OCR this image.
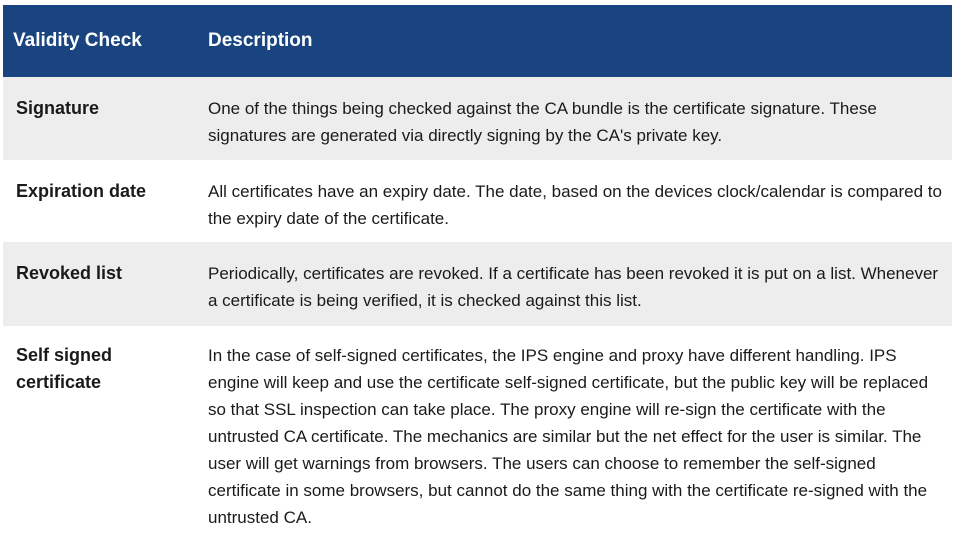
Validity Check	Description
Signature	One of the things being checked against the CA bundle is the certificate signature. These signatures are generated via directly signing by the CA's private key.
Expiration date	All certificates have an expiry date. The date, based on the devices clock/calendar is compared to the expiry date of the certificate.
Revoked list	Periodically, certificates are revoked. If a certificate has been revoked it is put on a list. Whenever a certificate is being verified, it is checked against this list.
Self signed certificate	In the case of self-signed certificates, the IPS engine and proxy have different handling. IPS engine will keep and use the certificate self-signed certificate, but the public key will be replaced so that SSL inspection can take place. The proxy engine will re-sign the certificate with the untrusted CA certificate. The mechanics are similar but the net effect for the user is similar. The user will get warnings from browsers. The users can choose to remember the self-signed certificate in some browsers, but cannot do the same thing with the certificate re-signed with the untrusted CA.
